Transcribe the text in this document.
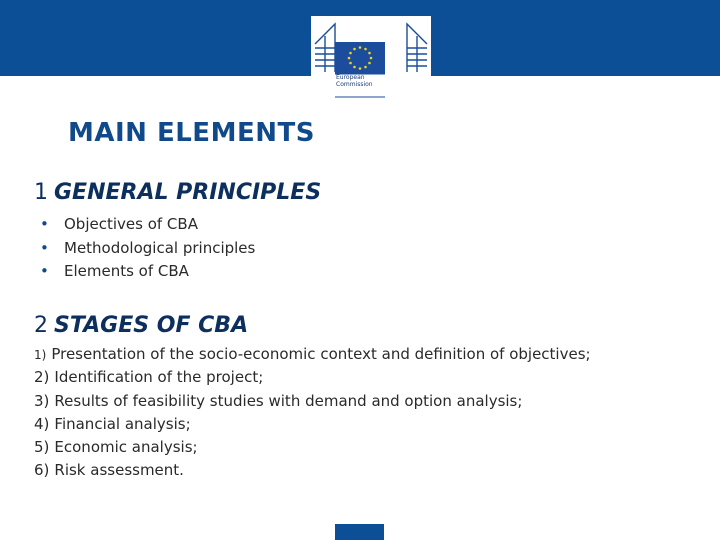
European
Commission
MAIN ELEMENTS
1 GENERAL PRINCIPLES
• Objectives of CBA
• Methodological principles
• Elements of CBA
2 STAGES OF CBA
1) Presentation of the socio-economic context and definition of objectives;
2) Identification of the project;
3) Results of feasibility studies with demand and option analysis;
4) Financial analysis;
5) Economic analysis;
6) Risk assessment.
